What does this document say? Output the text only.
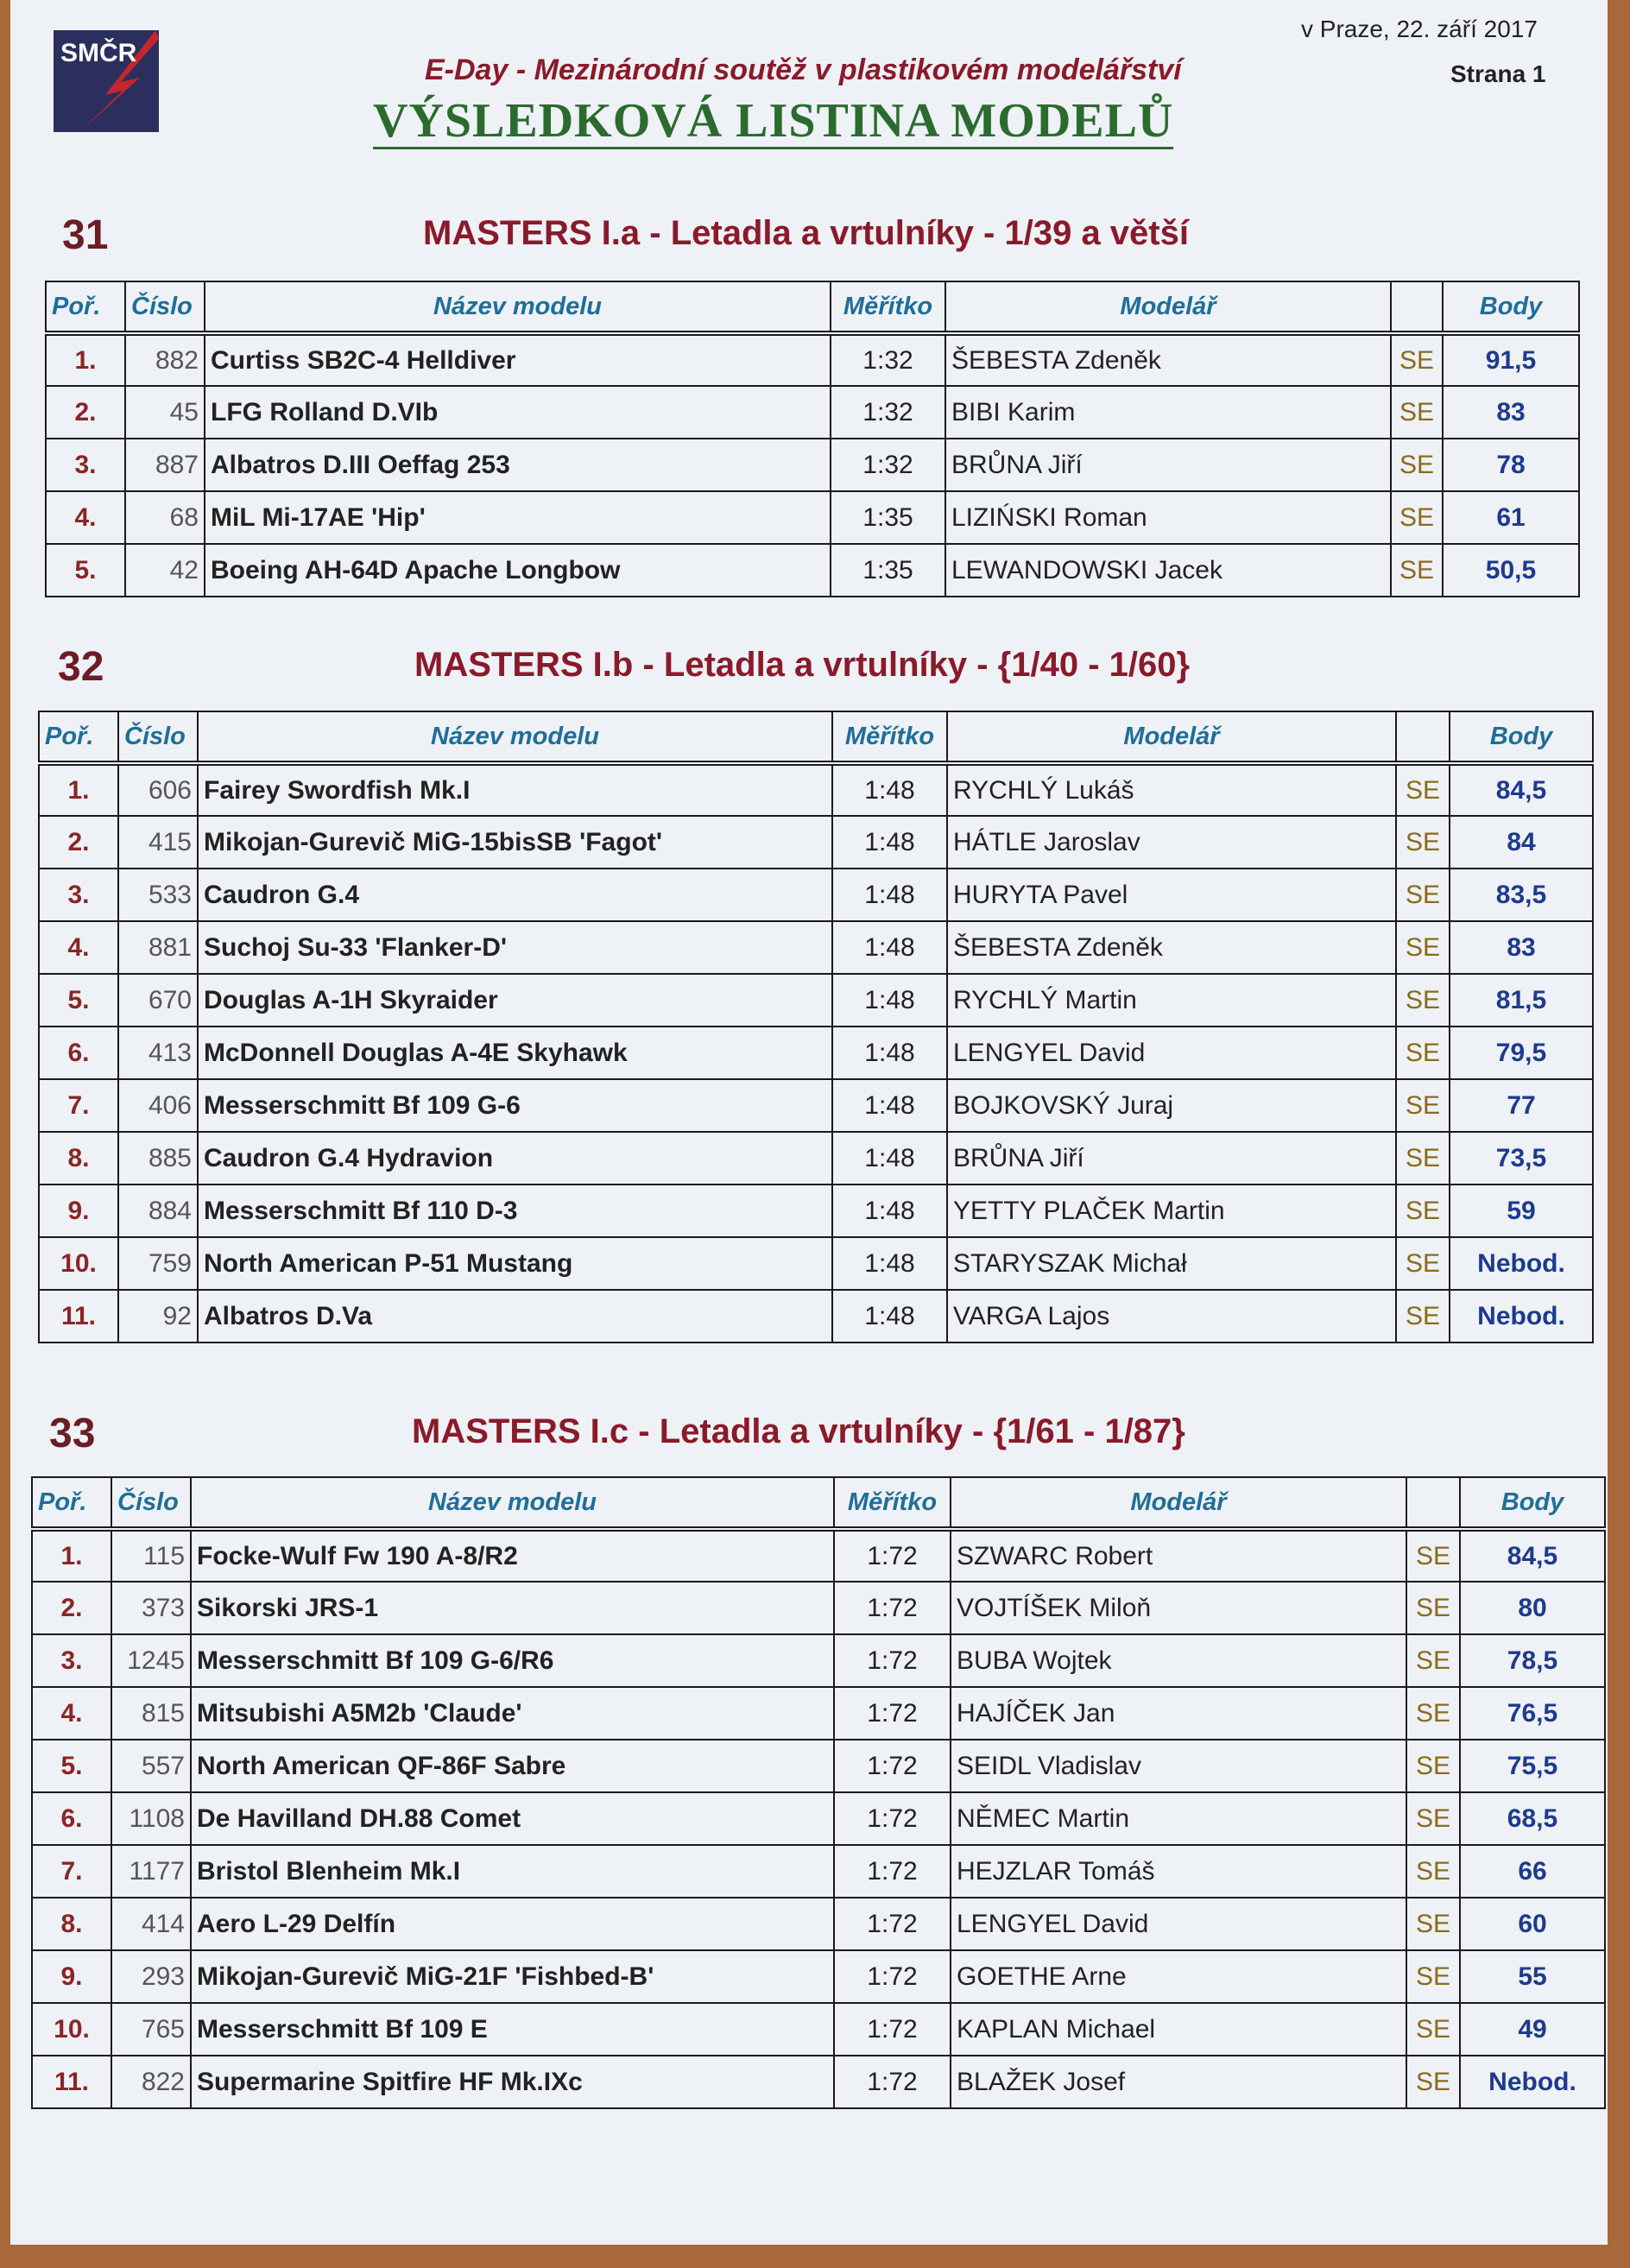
SMČR
v Praze, 22. září 2017
Strana 1
E-Day - Mezinárodní soutěž v plastikovém modelářství
VÝSLEDKOVÁ LISTINA MODELŮ
31	MASTERS I.a - Letadla a vrtulníky - 1/39 a větší
Poř.	Číslo	Název modelu	Měřítko	Modelář		Body
1.	882	Curtiss SB2C-4 Helldiver	1:32	ŠEBESTA Zdeněk	SE	91,5
2.	45	LFG Rolland D.VIb	1:32	BIBI Karim	SE	83
3.	887	Albatros D.III Oeffag 253	1:32	BRŮNA Jiří	SE	78
4.	68	MiL Mi-17AE 'Hip'	1:35	LIZIŃSKI Roman	SE	61
5.	42	Boeing AH-64D Apache Longbow	1:35	LEWANDOWSKI Jacek	SE	50,5
32	MASTERS I.b - Letadla a vrtulníky - {1/40 - 1/60}
Poř.	Číslo	Název modelu	Měřítko	Modelář		Body
1.	606	Fairey Swordfish Mk.I	1:48	RYCHLÝ Lukáš	SE	84,5
2.	415	Mikojan-Gurevič MiG-15bisSB 'Fagot'	1:48	HÁTLE Jaroslav	SE	84
3.	533	Caudron G.4	1:48	HURYTA Pavel	SE	83,5
4.	881	Suchoj Su-33 'Flanker-D'	1:48	ŠEBESTA Zdeněk	SE	83
5.	670	Douglas A-1H Skyraider	1:48	RYCHLÝ Martin	SE	81,5
6.	413	McDonnell Douglas A-4E Skyhawk	1:48	LENGYEL David	SE	79,5
7.	406	Messerschmitt Bf 109 G-6	1:48	BOJKOVSKÝ Juraj	SE	77
8.	885	Caudron G.4 Hydravion	1:48	BRŮNA Jiří	SE	73,5
9.	884	Messerschmitt Bf 110 D-3	1:48	YETTY PLAČEK Martin	SE	59
10.	759	North American P-51 Mustang	1:48	STARYSZAK Michał	SE	Nebod.
11.	92	Albatros D.Va	1:48	VARGA Lajos	SE	Nebod.
33	MASTERS I.c - Letadla a vrtulníky - {1/61 - 1/87}
Poř.	Číslo	Název modelu	Měřítko	Modelář		Body
1.	115	Focke-Wulf Fw 190 A-8/R2	1:72	SZWARC Robert	SE	84,5
2.	373	Sikorski JRS-1	1:72	VOJTÍŠEK Miloň	SE	80
3.	1245	Messerschmitt Bf 109 G-6/R6	1:72	BUBA Wojtek	SE	78,5
4.	815	Mitsubishi A5M2b 'Claude'	1:72	HAJÍČEK Jan	SE	76,5
5.	557	North American QF-86F Sabre	1:72	SEIDL Vladislav	SE	75,5
6.	1108	De Havilland DH.88 Comet	1:72	NĚMEC Martin	SE	68,5
7.	1177	Bristol Blenheim Mk.I	1:72	HEJZLAR Tomáš	SE	66
8.	414	Aero L-29 Delfín	1:72	LENGYEL David	SE	60
9.	293	Mikojan-Gurevič MiG-21F 'Fishbed-B'	1:72	GOETHE Arne	SE	55
10.	765	Messerschmitt Bf 109 E	1:72	KAPLAN Michael	SE	49
11.	822	Supermarine Spitfire HF Mk.IXc	1:72	BLAŽEK Josef	SE	Nebod.
